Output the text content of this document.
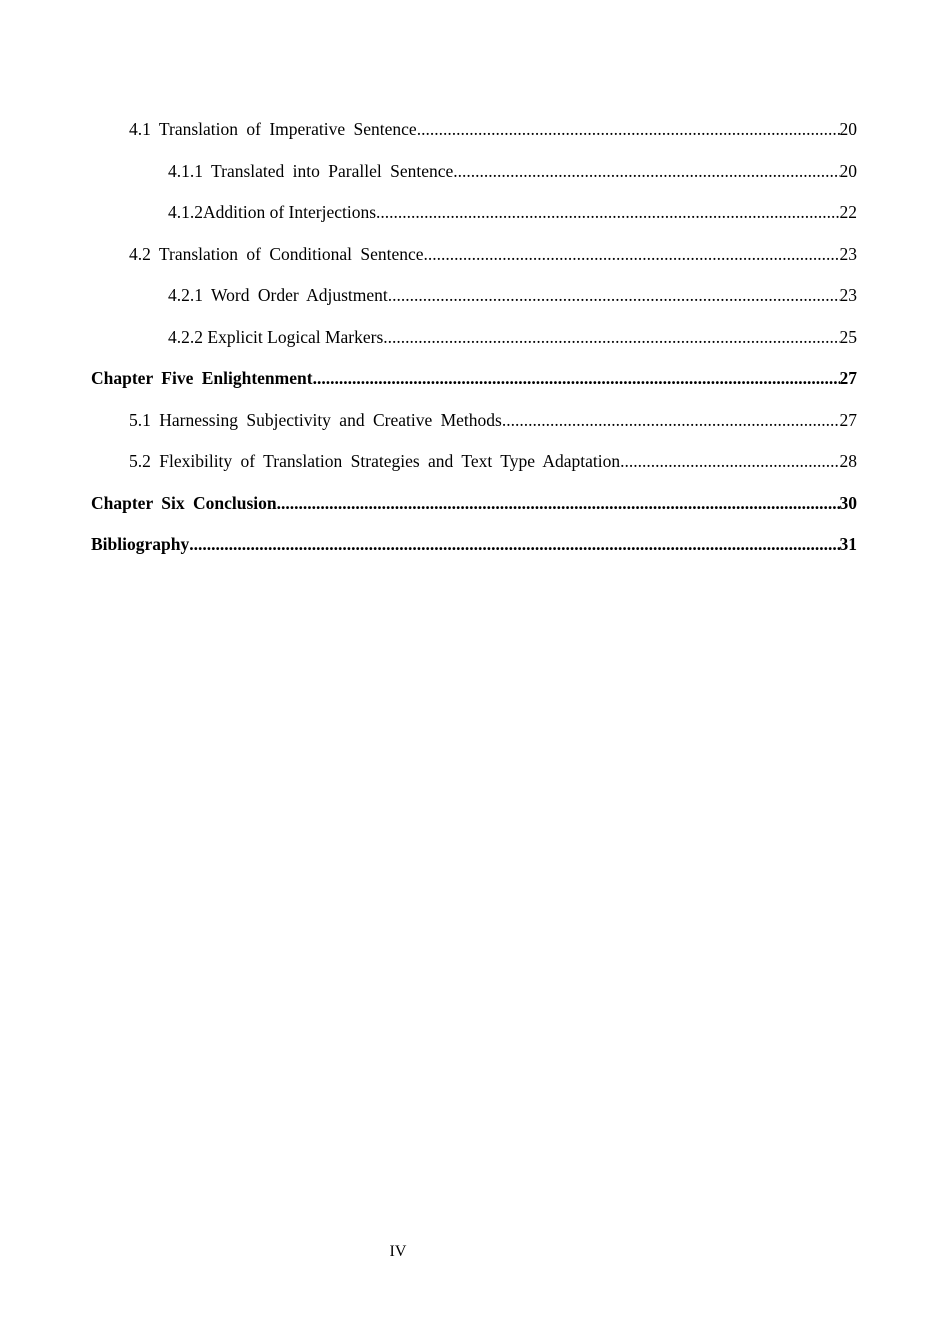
4.1 Translation of Imperative Sentence .....	20
4.1.1 Translated into Parallel Sentence .....	20
4.1.2Addition of Interjections .....	22
4.2 Translation of Conditional Sentence .....	23
4.2.1 Word Order Adjustment .....	23
4.2.2 Explicit Logical Markers .....	25
Chapter Five Enlightenment .....	27
5.1 Harnessing Subjectivity and Creative Methods .....	27
5.2 Flexibility of Translation Strategies and Text Type Adaptation .....	28
Chapter Six Conclusion .....	30
Bibliography .....	31
IV
